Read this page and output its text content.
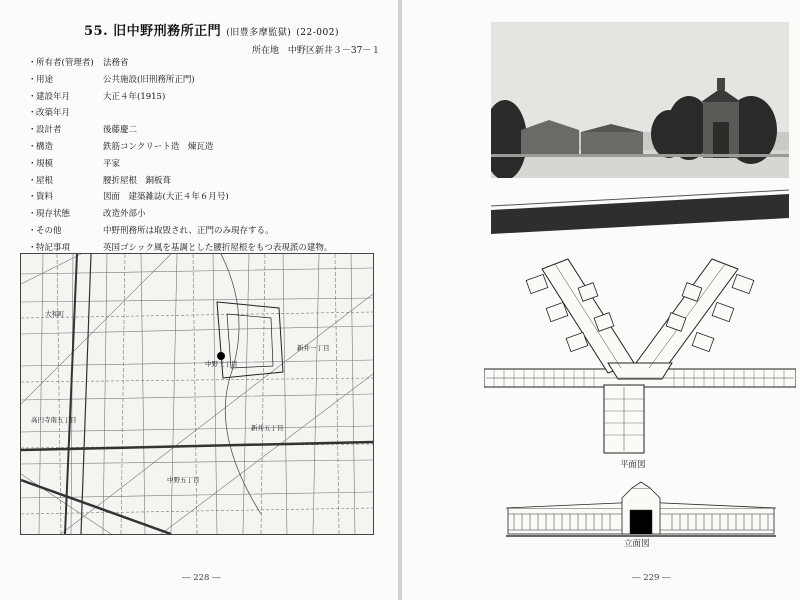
55. 旧中野刑務所正門 (旧豊多摩監獄) (22-002)
所在地 中野区新井３－37－１
・ 所有者(管理者)	法務省
・ 用途	公共施設(旧刑務所正門)
・ 建設年月	大正４年(1915)
・ 改築年月
・ 設計者	後藤慶二
・ 構造	鉄筋コンクリート造　煉瓦造
・ 規模	平家
・ 屋根	腰折屋根　銅板葺
・ 資料	図面　建築雑誌(大正４年６月号)
・ 現存状態	改造外部小
・ その他	中野刑務所は取毀され、正門のみ現存する。
・ 特記事項	英国ゴシック風を基調とした腰折屋根をもつ表現派の建物。
中野三丁目
中野五丁目
新井一丁目
新井五丁目
大和町
高円寺南五丁目
― 228 ―
平面図
立面図
― 229 ―
